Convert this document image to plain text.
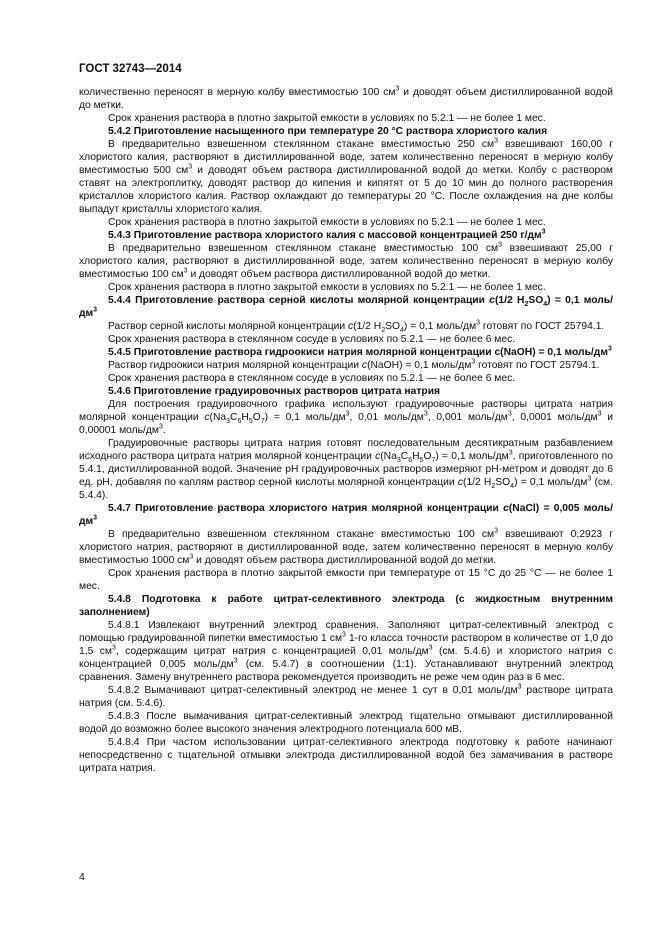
ГОСТ 32743—2014

количественно переносят в мерную колбу вместимостью 100 $см^3$ и доводят объем дистиллированной водой до метки.

Срок хранения раствора в плотно закрытой емкости в условиях по 5.2.1 — не более 1 мес.

5.4.2 Приготовление насыщенного при температуре 20 °С раствора хлористого калия

В предварительно взвешенном стеклянном стакане вместимостью 250 $см^3$ взвешивают 160,00 г хлористого калия, растворяют в дистиллированной воде, затем количественно переносят в мерную колбу вместимостью 500 $см^3$ и доводят объем раствора дистиллированной водой до метки. Колбу с раствором ставят на электроплитку, доводят раствор до кипения и кипятят от 5 до 10 мин до полного растворения кристаллов хлористого калия. Раствор охлаждают до температуры 20 °С. После охлаждения на дне колбы выпадут кристаллы хлористого калия.

Срок хранения раствора в плотно закрытой емкости в условиях по 5.2.1 — не более 1 мес.

5.4.3 Приготовление раствора хлористого калия с массовой концентрацией 250 $г/дм^3$

В предварительно взвешенном стеклянном стакане вместимостью 100 $см^3$ взвешивают 25,00 г хлористого калия, растворяют в дистиллированной воде, затем количественно переносят в мерную колбу вместимостью 100 $см^3$ и доводят объем раствора дистиллированной водой до метки.

Срок хранения раствора в плотно закрытой емкости в условиях по 5.2.1 — не более 1 мес.

5.4.4 Приготовление раствора серной кислоты молярной концентрации c(1/2 $H_2SO_4) = 0,1$ моль/$дм^3$

Раствор серной кислоты молярной концентрации c(1/2 $H_2SO_4) = 0,1$ моль/$дм^3$ готовят по ГОСТ 25794.1.

Срок хранения раствора в стеклянном сосуде в условиях по 5.2.1 — не более 6 мес.

5.4.5 Приготовление раствора гидроокиси натрия молярной концентрации c(NaOH) = 0,1 моль/$дм^3$

Раствор гидроокиси натрия молярной концентрации c(NaOH) = 0,1 моль/$дм^3$ готовят по ГОСТ 25794.1.

Срок хранения раствора в стеклянном сосуде в условиях по 5.2.1 — не более 6 мес.

5.4.6 Приготовление градуировочных растворов цитрата натрия

Для построения градуировочного графика используют градуировочные растворы цитрата натрия молярной концентрации $c(Na_3C_6H_5O_7) = 0,1$ моль/$дм^3$, 0,01 моль/$дм^3$, 0,001 моль/$дм^3$, 0,0001 моль/$дм^3$ и 0,00001 моль/$дм^3$.

Градуировочные растворы цитрата натрия готовят последовательным десятикратным разбавлением исходного раствора цитрата натрия молярной концентрации $c(Na_3C_6H_5O_7) = 0,1$ моль/$дм^3$, приготовленного по 5.4.1, дистиллированной водой. Значение pH градуировочных растворов измеряют pH-метром и доводят до 6 ед. pH, добавляя по каплям раствор серной кислоты молярной концентрации c(1/2 $H_2SO_4) = 0,1$ моль/$дм^3$ (см. 5.4.4).

5.4.7 Приготовление раствора хлористого натрия молярной концентрации c(NaCl) = 0,005 моль/$дм^3$

В предварительно взвешенном стеклянном стакане вместимостью 100 $см^3$ взвешивают 0,2923 г хлористого натрия, растворяют в дистиллированной воде, затем количественно переносят в мерную колбу вместимостью 1000 $см^3$ и доводят объем раствора дистиллированной водой до метки.

Срок хранения раствора в плотно закрытой емкости при температуре от 15 °С до 25 °С — не более 1 мес.

5.4.8 Подготовка к работе цитрат-селективного электрода (с жидкостным внутренним заполнением)

5.4.8.1 Извлекают внутренний электрод сравнения. Заполняют цитрат-селективный электрод с помощью градуированной пипетки вместимостью 1 $см^3$ 1-го класса точности раствором в количестве от 1,0 до 1,5 $см^3$, содержащим цитрат натрия с концентрацией 0,01 моль/$дм^3$ (см. 5.4.6) и хлористого натрия с концентрацией 0,005 моль/$дм^3$ (см. 5.4.7) в соотношении (1:1). Устанавливают внутренний электрод сравнения. Замену внутреннего раствора рекомендуется производить не реже чем один раз в 6 мес.

5.4.8.2 Вымачивают цитрат-селективный электрод не менее 1 сут в 0,01 моль/$дм^3$ растворе цитрата натрия (см. 5.4.6).

5.4.8.3 После вымачивания цитрат-селективный электрод тщательно отмывают дистиллированной водой до возможно более высокого значения электродного потенциала 600 мВ.

5.4.8.4 При частом использовании цитрат-селективного электрода подготовку к работе начинают непосредственно с тщательной отмывки электрода дистиллированной водой без замачивания в растворе цитрата натрия.

4
